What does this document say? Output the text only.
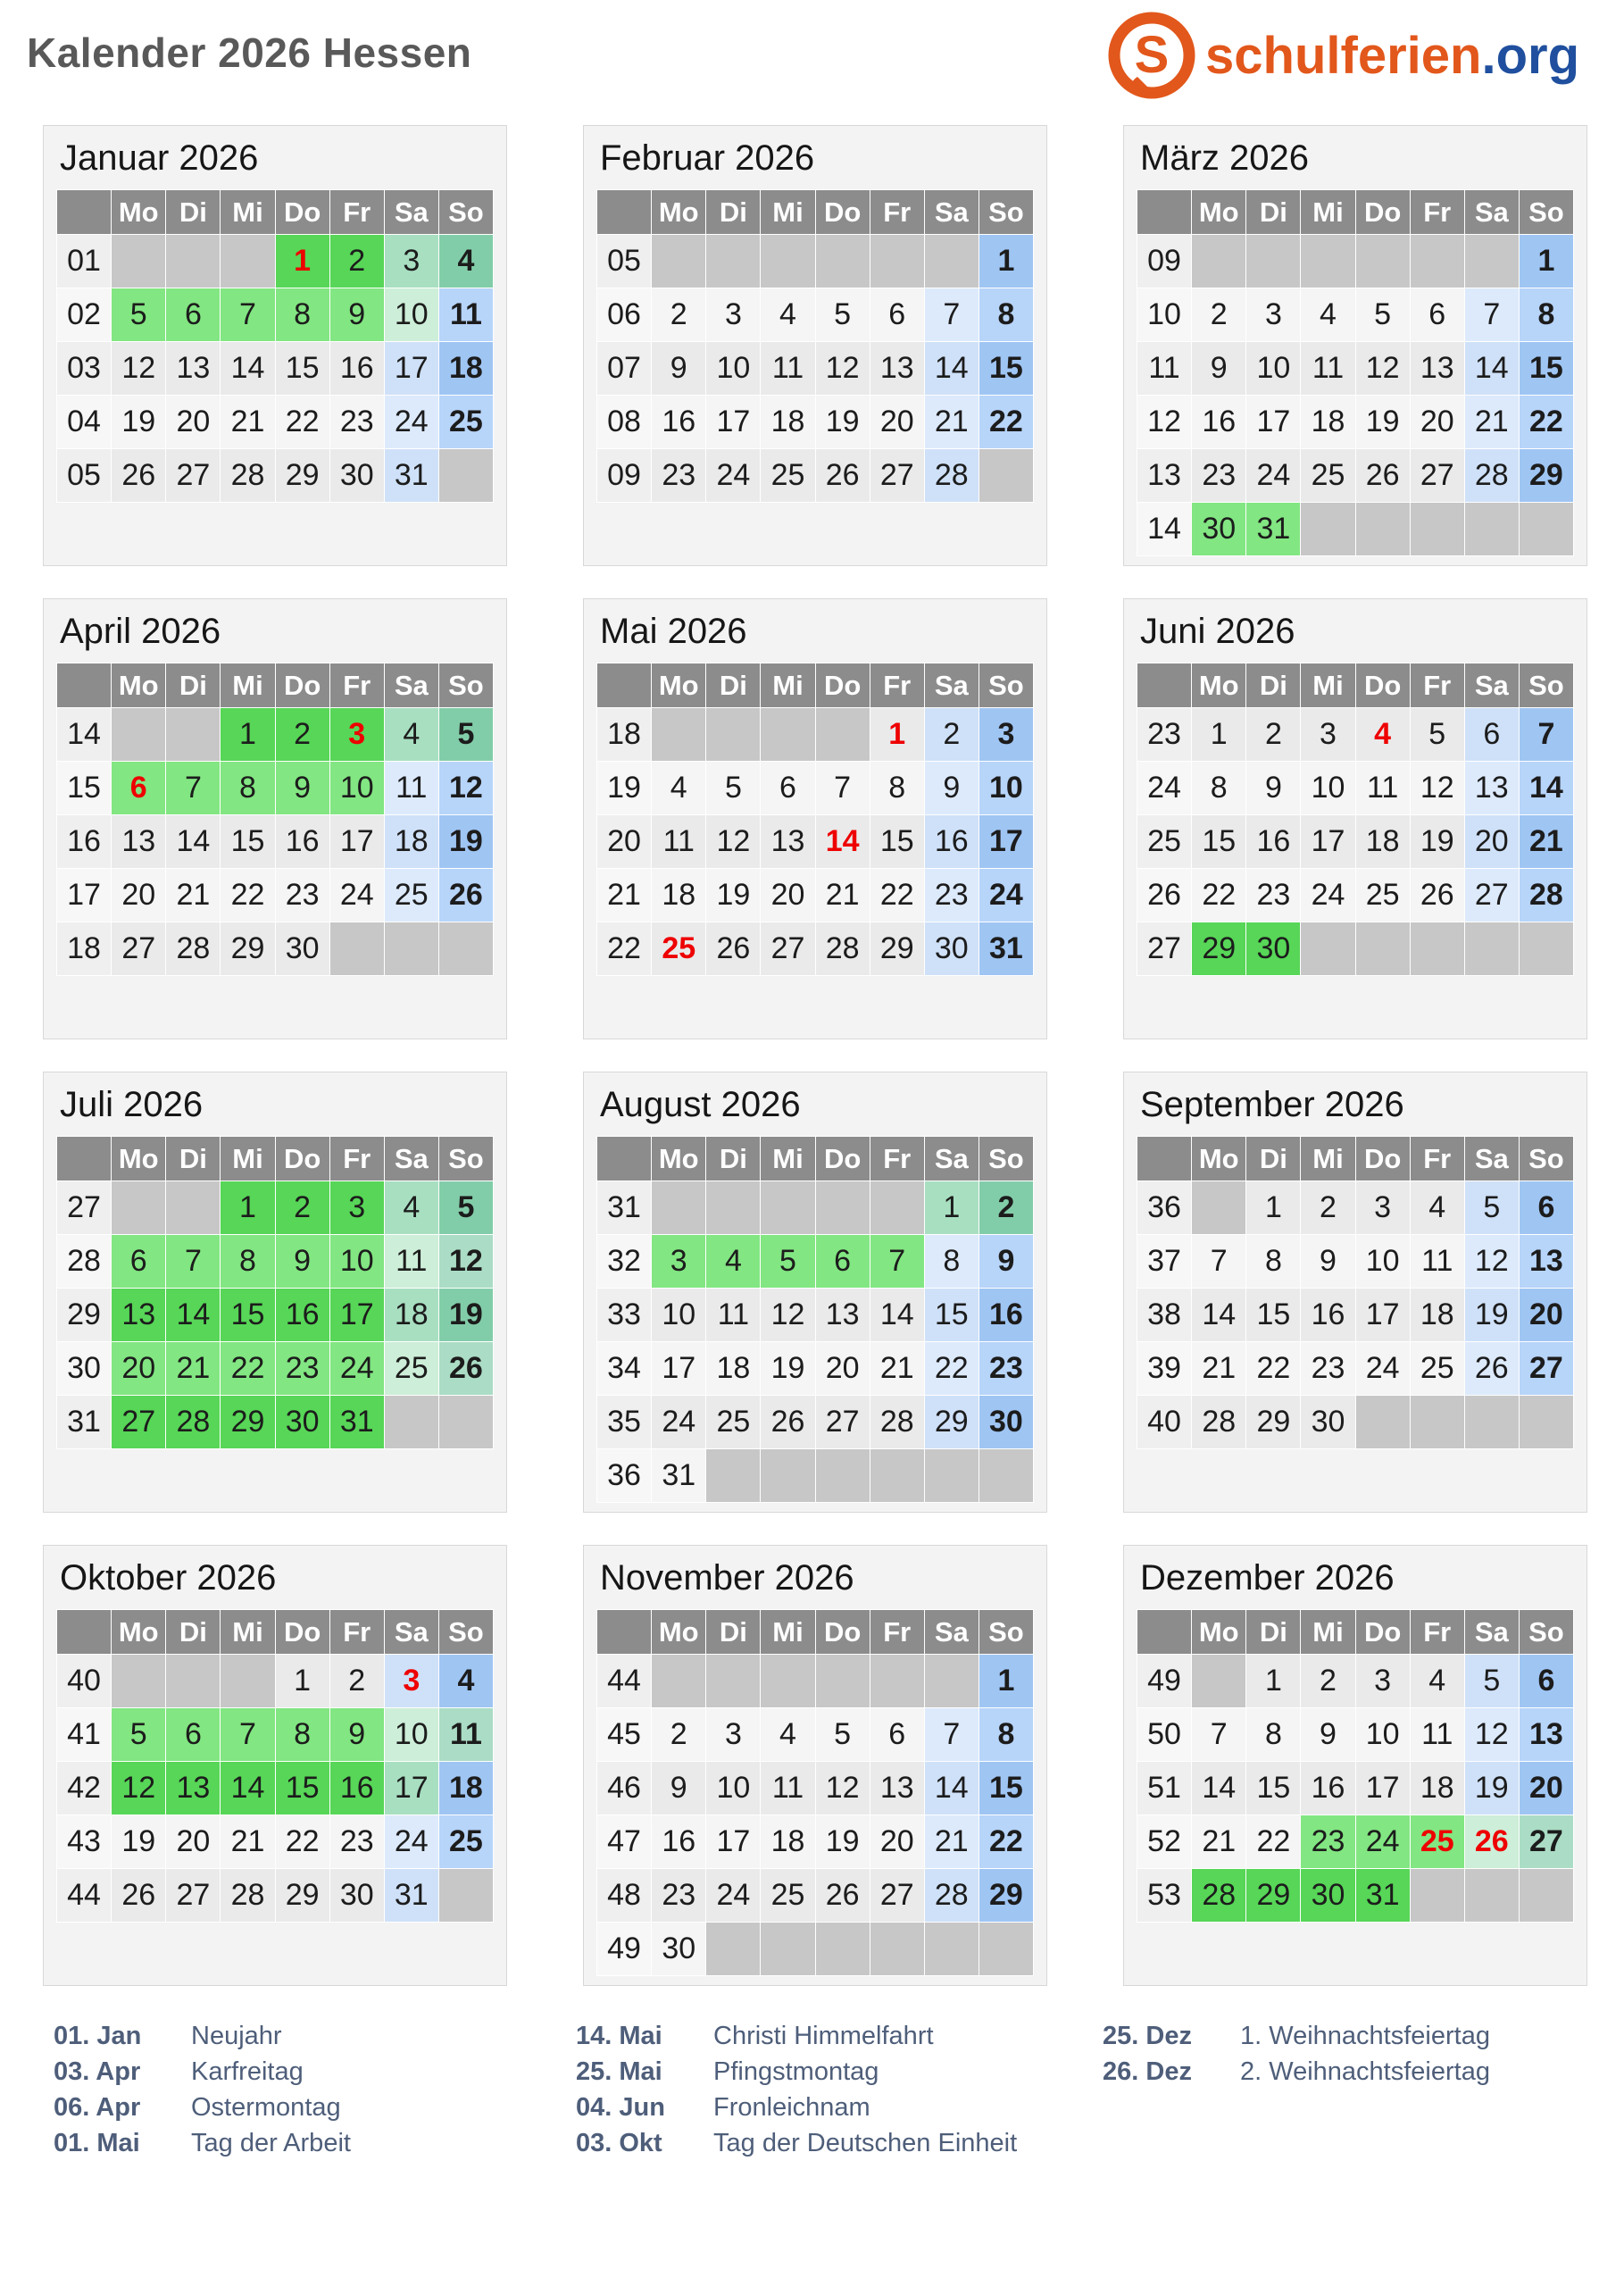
Kalender 2026 Hessen	S schulferien.org
Januar 2026
	Mo	Di	Mi	Do	Fr	Sa	So
01				1	2	3	4
02	5	6	7	8	9	10	11
03	12	13	14	15	16	17	18
04	19	20	21	22	23	24	25
05	26	27	28	29	30	31	
Februar 2026
	Mo	Di	Mi	Do	Fr	Sa	So
05							1
06	2	3	4	5	6	7	8
07	9	10	11	12	13	14	15
08	16	17	18	19	20	21	22
09	23	24	25	26	27	28	
März 2026
	Mo	Di	Mi	Do	Fr	Sa	So
09							1
10	2	3	4	5	6	7	8
11	9	10	11	12	13	14	15
12	16	17	18	19	20	21	22
13	23	24	25	26	27	28	29
14	30	31					
April 2026
	Mo	Di	Mi	Do	Fr	Sa	So
14			1	2	3	4	5
15	6	7	8	9	10	11	12
16	13	14	15	16	17	18	19
17	20	21	22	23	24	25	26
18	27	28	29	30			
Mai 2026
	Mo	Di	Mi	Do	Fr	Sa	So
18					1	2	3
19	4	5	6	7	8	9	10
20	11	12	13	14	15	16	17
21	18	19	20	21	22	23	24
22	25	26	27	28	29	30	31
Juni 2026
	Mo	Di	Mi	Do	Fr	Sa	So
23	1	2	3	4	5	6	7
24	8	9	10	11	12	13	14
25	15	16	17	18	19	20	21
26	22	23	24	25	26	27	28
27	29	30					
Juli 2026
	Mo	Di	Mi	Do	Fr	Sa	So
27			1	2	3	4	5
28	6	7	8	9	10	11	12
29	13	14	15	16	17	18	19
30	20	21	22	23	24	25	26
31	27	28	29	30	31		
August 2026
	Mo	Di	Mi	Do	Fr	Sa	So
31						1	2
32	3	4	5	6	7	8	9
33	10	11	12	13	14	15	16
34	17	18	19	20	21	22	23
35	24	25	26	27	28	29	30
36	31						
September 2026
	Mo	Di	Mi	Do	Fr	Sa	So
36		1	2	3	4	5	6
37	7	8	9	10	11	12	13
38	14	15	16	17	18	19	20
39	21	22	23	24	25	26	27
40	28	29	30				
Oktober 2026
	Mo	Di	Mi	Do	Fr	Sa	So
40				1	2	3	4
41	5	6	7	8	9	10	11
42	12	13	14	15	16	17	18
43	19	20	21	22	23	24	25
44	26	27	28	29	30	31	
November 2026
	Mo	Di	Mi	Do	Fr	Sa	So
44							1
45	2	3	4	5	6	7	8
46	9	10	11	12	13	14	15
47	16	17	18	19	20	21	22
48	23	24	25	26	27	28	29
49	30						
Dezember 2026
	Mo	Di	Mi	Do	Fr	Sa	So
49		1	2	3	4	5	6
50	7	8	9	10	11	12	13
51	14	15	16	17	18	19	20
52	21	22	23	24	25	26	27
53	28	29	30	31			
01. Jan	Neujahr
03. Apr	Karfreitag
06. Apr	Ostermontag
01. Mai	Tag der Arbeit
14. Mai	Christi Himmelfahrt
25. Mai	Pfingstmontag
04. Jun	Fronleichnam
03. Okt	Tag der Deutschen Einheit
25. Dez	1. Weihnachtsfeiertag
26. Dez	2. Weihnachtsfeiertag
